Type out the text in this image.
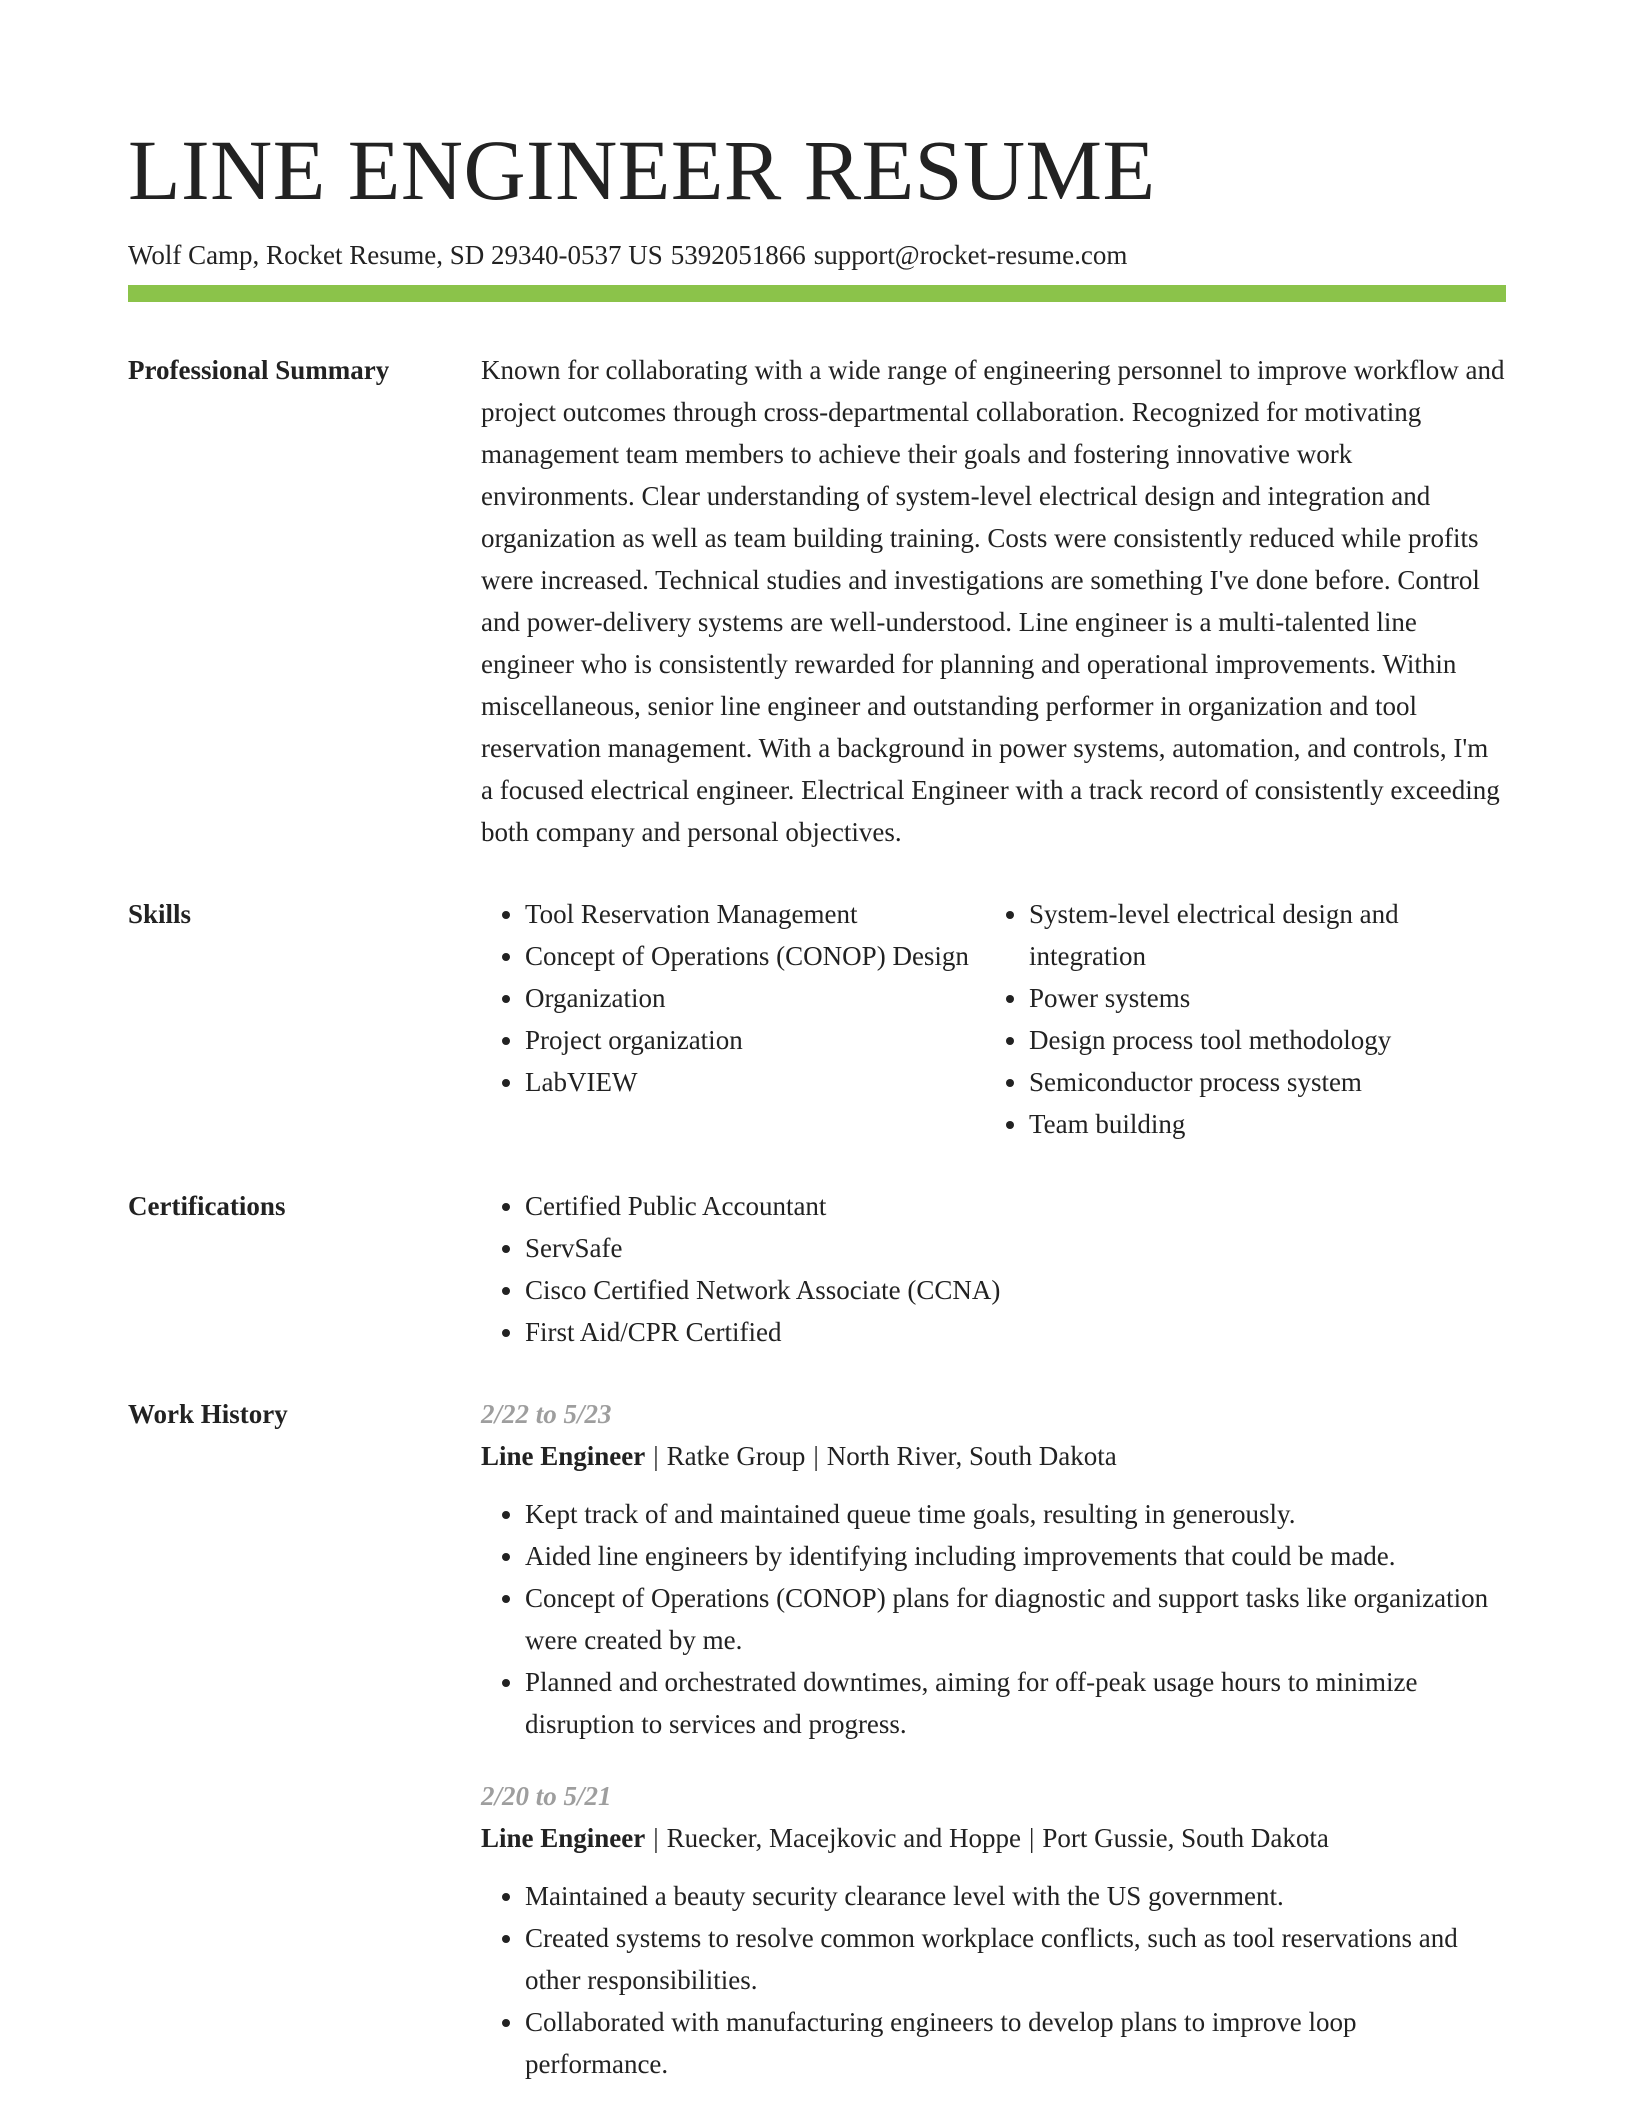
LINE ENGINEER RESUME
Wolf Camp, Rocket Resume, SD 29340-0537 US 5392051866 support@rocket-resume.com
Professional Summary	Known for collaborating with a wide range of engineering personnel to improve workflow and project outcomes through cross-departmental collaboration. Recognized for motivating management team members to achieve their goals and fostering innovative work environments. Clear understanding of system-level electrical design and integration and organization as well as team building training. Costs were consistently reduced while profits were increased. Technical studies and investigations are something I've done before. Control and power-delivery systems are well-understood. Line engineer is a multi-talented line engineer who is consistently rewarded for planning and operational improvements. Within miscellaneous, senior line engineer and outstanding performer in organization and tool reservation management. With a background in power systems, automation, and controls, I'm a focused electrical engineer. Electrical Engineer with a track record of consistently exceeding both company and personal objectives.

Skills	• Tool Reservation Management
• Concept of Operations (CONOP) Design
• Organization
• Project organization
• LabVIEW
• System-level electrical design and integration
• Power systems
• Design process tool methodology
• Semiconductor process system
• Team building
Certifications	• Certified Public Accountant
• ServSafe
• Cisco Certified Network Associate (CCNA)
• First Aid/CPR Certified
Work History	2/22 to 5/23
Line Engineer | Ratke Group | North River, South Dakota
• Kept track of and maintained queue time goals, resulting in generously.
• Aided line engineers by identifying including improvements that could be made.
• Concept of Operations (CONOP) plans for diagnostic and support tasks like organization were created by me.
• Planned and orchestrated downtimes, aiming for off-peak usage hours to minimize disruption to services and progress.
2/20 to 5/21
Line Engineer | Ruecker, Macejkovic and Hoppe | Port Gussie, South Dakota
• Maintained a beauty security clearance level with the US government.
• Created systems to resolve common workplace conflicts, such as tool reservations and other responsibilities.
• Collaborated with manufacturing engineers to develop plans to improve loop performance.
